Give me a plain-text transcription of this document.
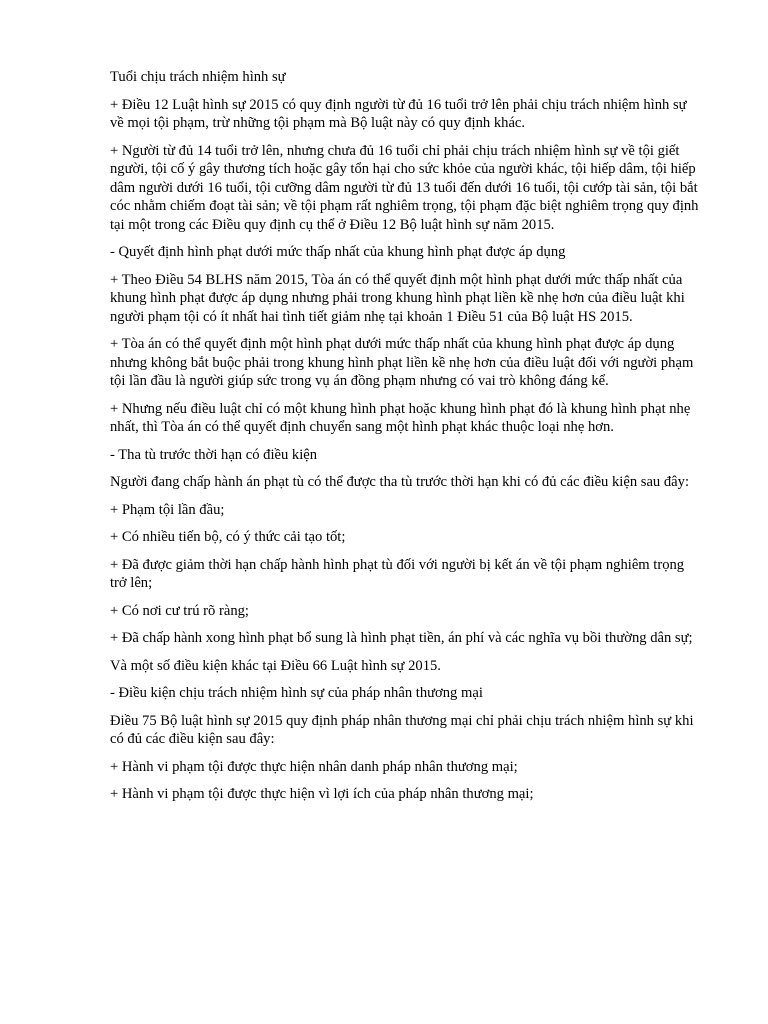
Tuổi chịu trách nhiệm hình sự

+ Điều 12 Luật hình sự 2015 có quy định người từ đủ 16 tuổi trở lên phải chịu trách nhiệm hình sự về mọi tội phạm, trừ những tội phạm mà Bộ luật này có quy định khác.

+ Người từ đủ 14 tuổi trở lên, nhưng chưa đủ 16 tuổi chỉ phải chịu trách nhiệm hình sự về tội giết người, tội cố ý gây thương tích hoặc gây tổn hại cho sức khỏe của người khác, tội hiếp dâm, tội hiếp dâm người dưới 16 tuổi, tội cưỡng dâm người từ đủ 13 tuổi đến dưới 16 tuổi, tội cướp tài sản, tội bắt cóc nhằm chiếm đoạt tài sản; về tội phạm rất nghiêm trọng, tội phạm đặc biệt nghiêm trọng quy định tại một trong các Điều quy định cụ thể ở Điều 12 Bộ luật hình sự năm 2015.

- Quyết định hình phạt dưới mức thấp nhất của khung hình phạt được áp dụng

+ Theo Điều 54 BLHS năm 2015, Tòa án có thể quyết định một hình phạt dưới mức thấp nhất của khung hình phạt được áp dụng nhưng phải trong khung hình phạt liền kề nhẹ hơn của điều luật khi người phạm tội có ít nhất hai tình tiết giảm nhẹ tại khoản 1 Điều 51 của Bộ luật HS 2015.

+ Tòa án có thể quyết định một hình phạt dưới mức thấp nhất của khung hình phạt được áp dụng nhưng không bắt buộc phải trong khung hình phạt liền kề nhẹ hơn của điều luật đối với người phạm tội lần đầu là người giúp sức trong vụ án đồng phạm nhưng có vai trò không đáng kể.

+ Nhưng nếu điều luật chỉ có một khung hình phạt hoặc khung hình phạt đó là khung hình phạt nhẹ nhất, thì Tòa án có thể quyết định chuyển sang một hình phạt khác thuộc loại nhẹ hơn.

- Tha tù trước thời hạn có điều kiện

Người đang chấp hành án phạt tù có thể được tha tù trước thời hạn khi có đủ các điều kiện sau đây:

+ Phạm tội lần đầu;

+ Có nhiều tiến bộ, có ý thức cải tạo tốt;

+ Đã được giảm thời hạn chấp hành hình phạt tù đối với người bị kết án về tội phạm nghiêm trọng trở lên;

+ Có nơi cư trú rõ ràng;

+ Đã chấp hành xong hình phạt bổ sung là hình phạt tiền, án phí và các nghĩa vụ bồi thường dân sự;

Và một số điều kiện khác tại Điều 66 Luật hình sự 2015.

- Điều kiện chịu trách nhiệm hình sự của pháp nhân thương mại

Điều 75 Bộ luật hình sự 2015 quy định pháp nhân thương mại chỉ phải chịu trách nhiệm hình sự khi có đủ các điều kiện sau đây:

+ Hành vi phạm tội được thực hiện nhân danh pháp nhân thương mại;

+ Hành vi phạm tội được thực hiện vì lợi ích của pháp nhân thương mại;
